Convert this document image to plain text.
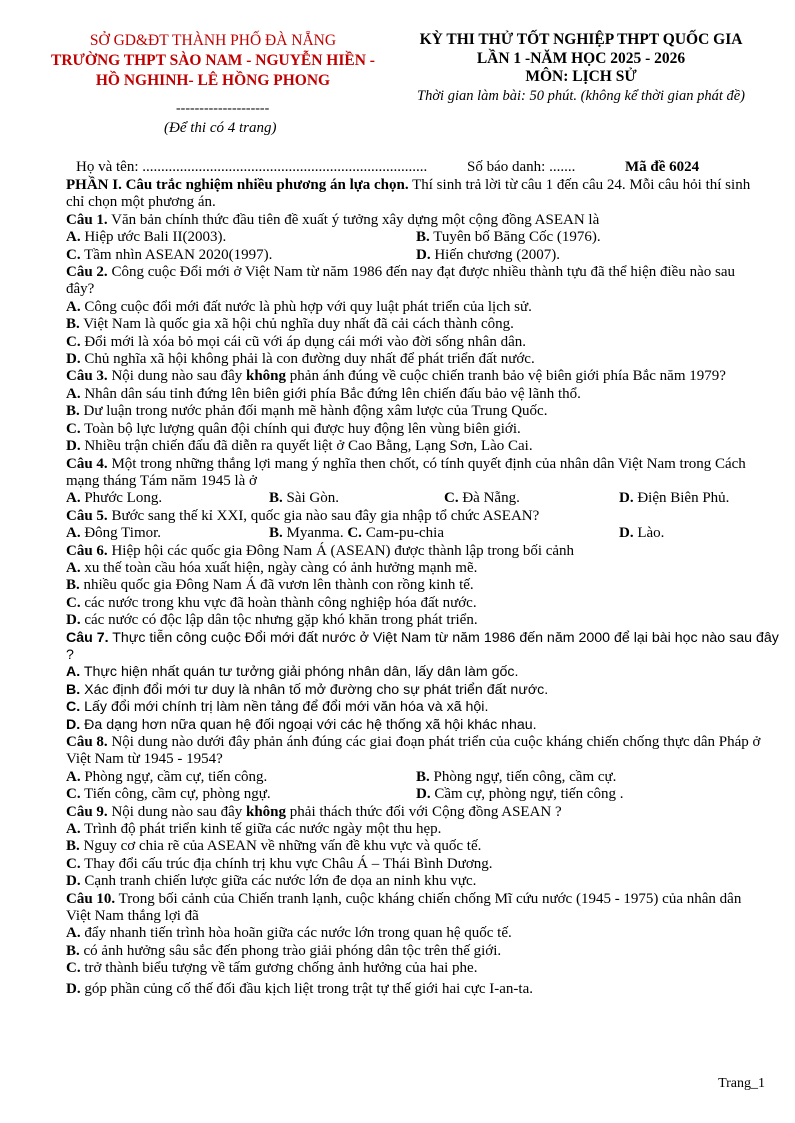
SỞ GD&ĐT THÀNH PHỐ ĐÀ NẴNG
TRƯỜNG THPT SÀO NAM - NGUYỄN HIỀN -
HỒ NGHINH- LÊ HỒNG PHONG
--------------------
(Để thi có 4 trang)
KỲ THI THỬ TỐT NGHIỆP THPT QUỐC GIA
LẦN 1 -NĂM HỌC 2025 - 2026
MÔN: LỊCH SỬ
Thời gian làm bài: 50 phút. (không kể thời gian phát đề)
Họ và tên: ............................................................................	Số báo danh: .......	Mã đề 6024
PHẦN I. Câu trắc nghiệm nhiều phương án lựa chọn. Thí sinh trả lời từ câu 1 đến câu 24. Mỗi câu hỏi thí sinh chỉ chọn một phương án.
Câu 1. Văn bản chính thức đầu tiên đề xuất ý tưởng xây dựng một cộng đồng ASEAN là
A. Hiệp ước Bali II(2003).	B. Tuyên bố Băng Cốc (1976).
C. Tầm nhìn ASEAN 2020(1997).	D. Hiến chương (2007).
Câu 2. Công cuộc Đổi mới ở Việt Nam từ năm 1986 đến nay đạt được nhiều thành tựu đã thể hiện điều nào sau đây?
A. Công cuộc đổi mới đất nước là phù hợp với quy luật phát triển của lịch sử.
B. Việt Nam là quốc gia xã hội chủ nghĩa duy nhất đã cải cách thành công.
C. Đổi mới là xóa bỏ mọi cái cũ với áp dụng cái mới vào đời sống nhân dân.
D. Chủ nghĩa xã hội không phải là con đường duy nhất để phát triển đất nước.
Câu 3. Nội dung nào sau đây không phản ánh đúng về cuộc chiến tranh bảo vệ biên giới phía Bắc năm 1979?
A. Nhân dân sáu tỉnh đứng lên biên giới phía Bắc đứng lên chiến đấu bảo vệ lãnh thổ.
B. Dư luận trong nước phản đối mạnh mẽ hành động xâm lược của Trung Quốc.
C. Toàn bộ lực lượng quân đội chính qui được huy động lên vùng biên giới.
D. Nhiều trận chiến đấu đã diễn ra quyết liệt ở Cao Bằng, Lạng Sơn, Lào Cai.
Câu 4. Một trong những thắng lợi mang ý nghĩa then chốt, có tính quyết định của nhân dân Việt Nam trong Cách mạng tháng Tám năm 1945 là ở
A. Phước Long.	B. Sài Gòn.	C. Đà Nẵng.	D. Điện Biên Phủ.
Câu 5. Bước sang thế kỉ XXI, quốc gia nào sau đây gia nhập tổ chức ASEAN?
A. Đông Timor.	B. Myanma. C. Cam-pu-chia	D. Lào.
Câu 6. Hiệp hội các quốc gia Đông Nam Á (ASEAN) được thành lập trong bối cảnh
A. xu thế toàn cầu hóa xuất hiện, ngày càng có ảnh hưởng mạnh mẽ.
B. nhiều quốc gia Đông Nam Á đã vươn lên thành con rồng kinh tế.
C. các nước trong khu vực đã hoàn thành công nghiệp hóa đất nước.
D. các nước có độc lập dân tộc nhưng gặp khó khăn trong phát triển.
Câu 7. Thực tiễn công cuộc Đổi mới đất nước ở Việt Nam từ năm 1986 đến năm 2000 để lại bài học nào sau đây
?
A. Thực hiện nhất quán tư tưởng giải phóng nhân dân, lấy dân làm gốc.
B. Xác định đổi mới tư duy là nhân tố mở đường cho sự phát triển đất nước.
C. Lấy đổi mới chính trị làm nền tảng để đổi mới văn hóa và xã hội.
D. Đa dạng hơn nữa quan hệ đối ngoại với các hệ thống xã hội khác nhau.
Câu 8. Nội dung nào dưới đây phản ánh đúng các giai đoạn phát triển của cuộc kháng chiến chống thực dân Pháp ở Việt Nam từ 1945 - 1954?
A. Phòng ngự, cầm cự, tiến công.	B. Phòng ngự, tiến công, cầm cự.
C. Tiến công, cầm cự, phòng ngự.	D. Cầm cự, phòng ngự, tiến công .
Câu 9. Nội dung nào sau đây không phải thách thức đối với Cộng đồng ASEAN ?
A. Trình độ phát triển kinh tế giữa các nước ngày một thu hẹp.
B. Nguy cơ chia rẽ của ASEAN về những vấn đề khu vực và quốc tế.
C. Thay đổi cấu trúc địa chính trị khu vực Châu Á – Thái Bình Dương.
D. Cạnh tranh chiến lược giữa các nước lớn đe dọa an ninh khu vực.
Câu 10. Trong bối cảnh của Chiến tranh lạnh, cuộc kháng chiến chống Mĩ cứu nước (1945 - 1975) của nhân dân Việt Nam thắng lợi đã
A. đẩy nhanh tiến trình hòa hoãn giữa các nước lớn trong quan hệ quốc tế.
B. có ảnh hưởng sâu sắc đến phong trào giải phóng dân tộc trên thế giới.
C. trở thành biểu tượng về tấm gương chống ảnh hưởng của hai phe.
D. góp phần củng cố thế đối đầu kịch liệt trong trật tự thế giới hai cực I-an-ta.
Trang_1
